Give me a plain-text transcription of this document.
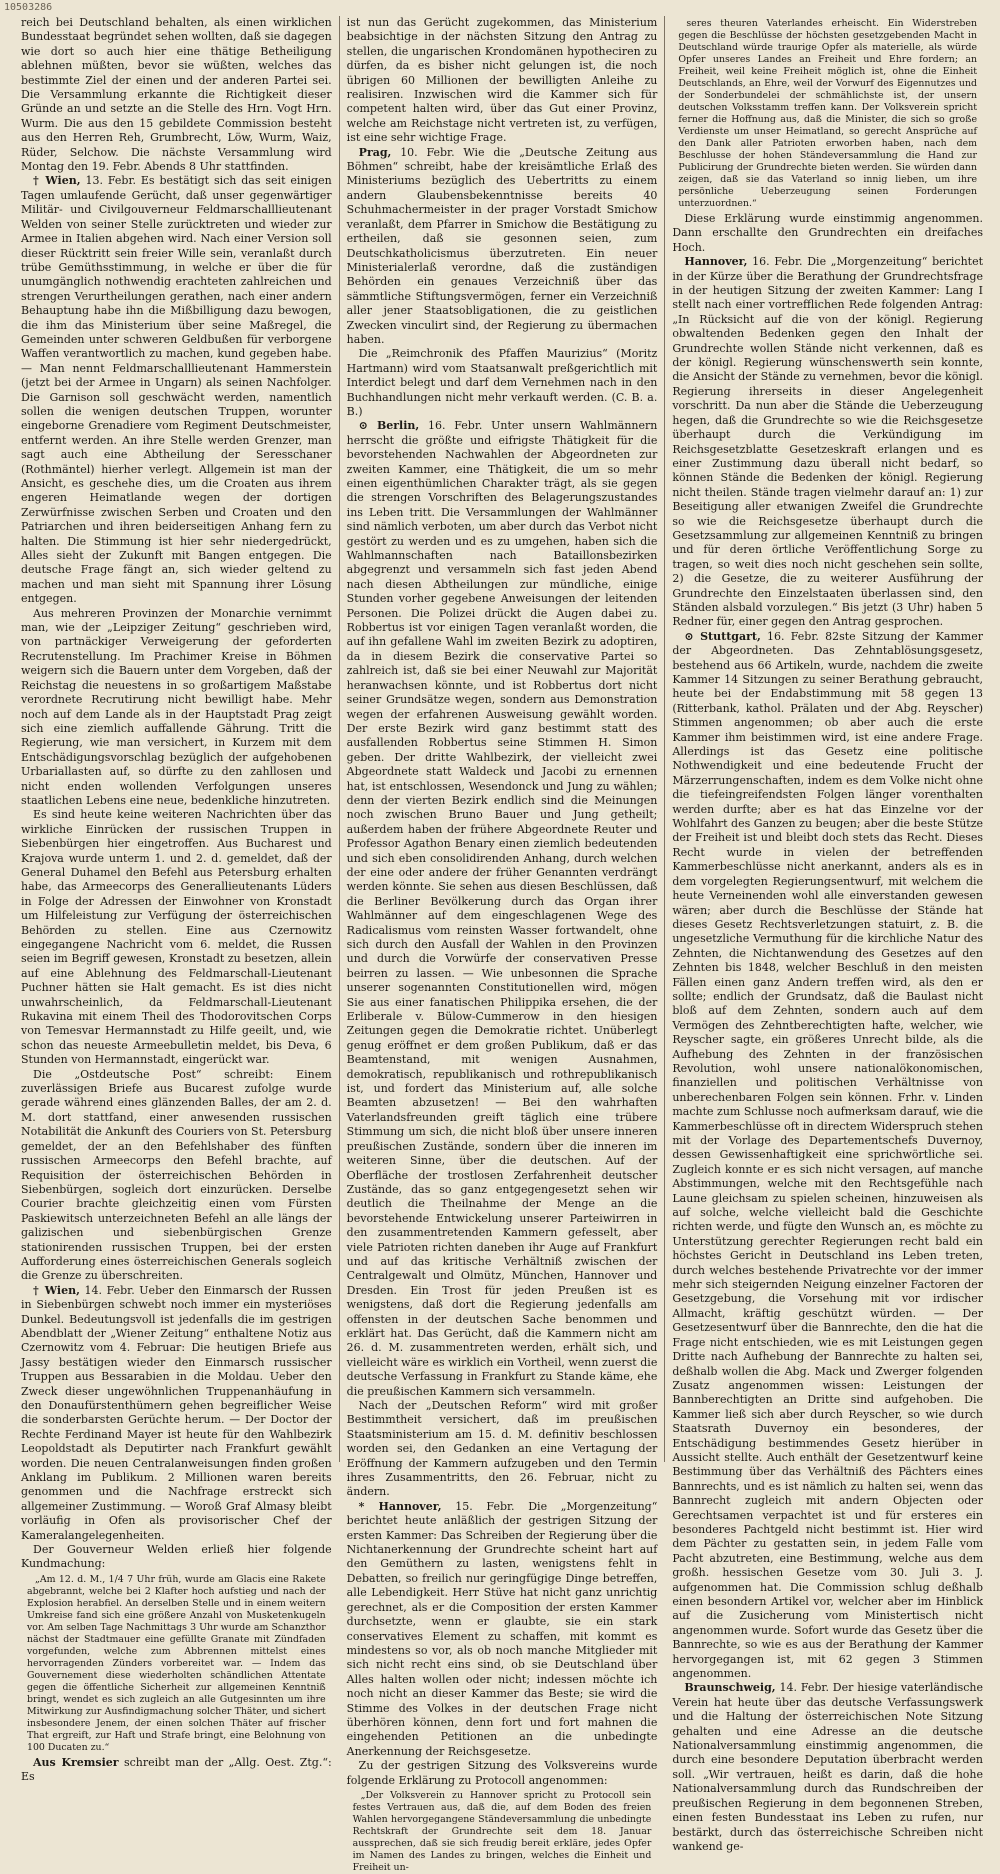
10503286

reich bei Deutschland behalten, als einen wirklichen Bundesstaat begründet sehen wollten, daß sie dagegen wie dort so auch hier eine thätige Betheiligung ablehnen müßten, bevor sie wüßten, welches das bestimmte Ziel der einen und der anderen Partei sei. Die Versammlung erkannte die Richtigkeit dieser Gründe an und setzte an die Stelle des Hrn. Vogt Hrn. Wurm. Die aus den 15 gebildete Commission besteht aus den Herren Reh, Grumbrecht, Löw, Wurm, Waiz, Rüder, Selchow. Die nächste Versammlung wird Montag den 19. Febr. Abends 8 Uhr stattfinden.

† Wien, 13. Febr. Es bestätigt sich das seit einigen Tagen umlaufende Gerücht, daß unser gegenwärtiger Militär- und Civilgouverneur Feldmarschalllieutenant Welden von seiner Stelle zurücktreten und wieder zur Armee in Italien abgehen wird. Nach einer Version soll dieser Rücktritt sein freier Wille sein, veranlaßt durch trübe Gemüthsstimmung, in welche er über die für unumgänglich nothwendig erachteten zahlreichen und strengen Verurtheilungen gerathen, nach einer andern Behauptung habe ihn die Mißbilligung dazu bewogen, die ihm das Ministerium über seine Maßregel, die Gemeinden unter schweren Geldbußen für verborgene Waffen verantwortlich zu machen, kund gegeben habe. — Man nennt Feldmarschalllieutenant Hammerstein (jetzt bei der Armee in Ungarn) als seinen Nachfolger. Die Garnison soll geschwächt werden, namentlich sollen die wenigen deutschen Truppen, worunter eingeborne Grenadiere vom Regiment Deutschmeister, entfernt werden. An ihre Stelle werden Grenzer, man sagt auch eine Abtheilung der Seresschaner (Rothmäntel) hierher verlegt. Allgemein ist man der Ansicht, es geschehe dies, um die Croaten aus ihrem engeren Heimatlande wegen der dortigen Zerwürfnisse zwischen Serben und Croaten und den Patriarchen und ihren beiderseitigen Anhang fern zu halten. Die Stimmung ist hier sehr niedergedrückt, Alles sieht der Zukunft mit Bangen entgegen. Die deutsche Frage fängt an, sich wieder geltend zu machen und man sieht mit Spannung ihrer Lösung entgegen.

Aus mehreren Provinzen der Monarchie vernimmt man, wie der „Leipziger Zeitung“ geschrieben wird, von partnäckiger Verweigerung der geforderten Recrutenstellung. Im Prachimer Kreise in Böhmen weigern sich die Bauern unter dem Vorgeben, daß der Reichstag die neuestens in so großartigem Maßstabe verordnete Recrutirung nicht bewilligt habe. Mehr noch auf dem Lande als in der Hauptstadt Prag zeigt sich eine ziemlich auffallende Gährung. Tritt die Regierung, wie man versichert, in Kurzem mit dem Entschädigungsvorschlag bezüglich der aufgehobenen Urbariallasten auf, so dürfte zu den zahllosen und nicht enden wollenden Verfolgungen unseres staatlichen Lebens eine neue, bedenkliche hinzutreten.

Es sind heute keine weiteren Nachrichten über das wirkliche Einrücken der russischen Truppen in Siebenbürgen hier eingetroffen. Aus Bucharest und Krajova wurde unterm 1. und 2. d. gemeldet, daß der General Duhamel den Befehl aus Petersburg erhalten habe, das Armeecorps des Generallieutenants Lüders in Folge der Adressen der Einwohner von Kronstadt um Hilfeleistung zur Verfügung der österreichischen Behörden zu stellen. Eine aus Czernowitz eingegangene Nachricht vom 6. meldet, die Russen seien im Begriff gewesen, Kronstadt zu besetzen, allein auf eine Ablehnung des Feldmarschall-Lieutenant Puchner hätten sie Halt gemacht. Es ist dies nicht unwahrscheinlich, da Feldmarschall-Lieutenant Rukavina mit einem Theil des Thodorovitschen Corps von Temesvar Hermannstadt zu Hilfe geeilt, und, wie schon das neueste Armeebulletin meldet, bis Deva, 6 Stunden von Hermannstadt, eingerückt war.

Die „Ostdeutsche Post“ schreibt: Einem zuverlässigen Briefe aus Bucarest zufolge wurde gerade während eines glänzenden Balles, der am 2. d. M. dort stattfand, einer anwesenden russischen Notabilität die Ankunft des Couriers von St. Petersburg gemeldet, der an den Befehlshaber des fünften russischen Armeecorps den Befehl brachte, auf Requisition der österreichischen Behörden in Siebenbürgen, sogleich dort einzurücken. Derselbe Courier brachte gleichzeitig einen vom Fürsten Paskiewitsch unterzeichneten Befehl an alle längs der galizischen und siebenbürgischen Grenze stationirenden russischen Truppen, bei der ersten Aufforderung eines österreichischen Generals sogleich die Grenze zu überschreiten.

† Wien, 14. Febr. Ueber den Einmarsch der Russen in Siebenbürgen schwebt noch immer ein mysteriöses Dunkel. Bedeutungsvoll ist jedenfalls die im gestrigen Abendblatt der „Wiener Zeitung“ enthaltene Notiz aus Czernowitz vom 4. Februar: Die heutigen Briefe aus Jassy bestätigen wieder den Einmarsch russischer Truppen aus Bessarabien in die Moldau. Ueber den Zweck dieser ungewöhnlichen Truppenanhäufung in den Donaufürstenthümern gehen begreiflicher Weise die sonderbarsten Gerüchte herum. — Der Doctor der Rechte Ferdinand Mayer ist heute für den Wahlbezirk Leopoldstadt als Deputirter nach Frankfurt gewählt worden. Die neuen Centralanweisungen finden großen Anklang im Publikum. 2 Millionen waren bereits genommen und die Nachfrage erstreckt sich allgemeiner Zustimmung. — Woroß Graf Almasy bleibt vorläufig in Ofen als provisorischer Chef der Kameralangelegenheiten.

Der Gouverneur Welden erließ hier folgende Kundmachung:

„Am 12. d. M., 1/4 7 Uhr früh, wurde am Glacis eine Rakete abgebrannt, welche bei 2 Klafter hoch aufstieg und nach der Explosion herabfiel. An derselben Stelle und in einem weitern Umkreise fand sich eine größere Anzahl von Musketenkugeln vor. Am selben Tage Nachmittags 3 Uhr wurde am Schanzthor nächst der Stadtmauer eine gefüllte Granate mit Zündfaden vorgefunden, welche zum Abbrennen mittelst eines hervorragenden Zünders vorbereitet war. — Indem das Gouvernement diese wiederholten schändlichen Attentate gegen die öffentliche Sicherheit zur allgemeinen Kenntniß bringt, wendet es sich zugleich an alle Gutgesinnten um ihre Mitwirkung zur Ausfindigmachung solcher Thäter, und sichert insbesondere Jenem, der einen solchen Thäter auf frischer That ergreift, zur Haft und Strafe bringt, eine Belohnung von 100 Ducaten zu.“

Aus Kremsier schreibt man der „Allg. Oest. Ztg.“: Es

ist nun das Gerücht zugekommen, das Ministerium beabsichtige in der nächsten Sitzung den Antrag zu stellen, die ungarischen Krondomänen hypotheciren zu dürfen, da es bisher nicht gelungen ist, die noch übrigen 60 Millionen der bewilligten Anleihe zu realisiren. Inzwischen wird die Kammer sich für competent halten wird, über das Gut einer Provinz, welche am Reichstage nicht vertreten ist, zu verfügen, ist eine sehr wichtige Frage.

Prag, 10. Febr. Wie die „Deutsche Zeitung aus Böhmen“ schreibt, habe der kreisämtliche Erlaß des Ministeriums bezüglich des Uebertritts zu einem andern Glaubensbekenntnisse bereits 40 Schuhmachermeister in der prager Vorstadt Smichow veranlaßt, dem Pfarrer in Smichow die Bestätigung zu ertheilen, daß sie gesonnen seien, zum Deutschkatholicismus überzutreten. Ein neuer Ministerialerlaß verordne, daß die zuständigen Behörden ein genaues Verzeichniß über das sämmtliche Stiftungsvermögen, ferner ein Verzeichniß aller jener Staatsobligationen, die zu geistlichen Zwecken vinculirt sind, der Regierung zu übermachen haben.

Die „Reimchronik des Pfaffen Maurizius“ (Moritz Hartmann) wird vom Staatsanwalt preßgerichtlich mit Interdict belegt und darf dem Vernehmen nach in den Buchhandlungen nicht mehr verkauft werden. (C. B. a. B.)

⊙ Berlin, 16. Febr. Unter unsern Wahlmännern herrscht die größte und eifrigste Thätigkeit für die bevorstehenden Nachwahlen der Abgeordneten zur zweiten Kammer, eine Thätigkeit, die um so mehr einen eigenthümlichen Charakter trägt, als sie gegen die strengen Vorschriften des Belagerungszustandes ins Leben tritt. Die Versammlungen der Wahlmänner sind nämlich verboten, um aber durch das Verbot nicht gestört zu werden und es zu umgehen, haben sich die Wahlmannschaften nach Bataillonsbezirken abgegrenzt und versammeln sich fast jeden Abend nach diesen Abtheilungen zur mündliche, einige Stunden vorher gegebene Anweisungen der leitenden Personen. Die Polizei drückt die Augen dabei zu. Robbertus ist vor einigen Tagen veranlaßt worden, die auf ihn gefallene Wahl im zweiten Bezirk zu adoptiren, da in diesem Bezirk die conservative Partei so zahlreich ist, daß sie bei einer Neuwahl zur Majorität heranwachsen könnte, und ist Robbertus dort nicht seiner Grundsätze wegen, sondern aus Demonstration wegen der erfahrenen Ausweisung gewählt worden. Der erste Bezirk wird ganz bestimmt statt des ausfallenden Robbertus seine Stimmen H. Simon geben. Der dritte Wahlbezirk, der vielleicht zwei Abgeordnete statt Waldeck und Jacobi zu ernennen hat, ist entschlossen, Wesendonck und Jung zu wählen; denn der vierten Bezirk endlich sind die Meinungen noch zwischen Bruno Bauer und Jung getheilt; außerdem haben der frühere Abgeordnete Reuter und Professor Agathon Benary einen ziemlich bedeutenden und sich eben consolidirenden Anhang, durch welchen der eine oder andere der früher Genannten verdrängt werden könnte. Sie sehen aus diesen Beschlüssen, daß die Berliner Bevölkerung durch das Organ ihrer Wahlmänner auf dem eingeschlagenen Wege des Radicalismus vom reinsten Wasser fortwandelt, ohne sich durch den Ausfall der Wahlen in den Provinzen und durch die Vorwürfe der conservativen Presse beirren zu lassen. — Wie unbesonnen die Sprache unserer sogenannten Constitutionellen wird, mögen Sie aus einer fanatischen Philippika ersehen, die der Erliberale v. Bülow-Cummerow in den hiesigen Zeitungen gegen die Demokratie richtet. Unüberlegt genug eröffnet er dem großen Publikum, daß er das Beamtenstand, mit wenigen Ausnahmen, demokratisch, republikanisch und rothrepublikanisch ist, und fordert das Ministerium auf, alle solche Beamten abzusetzen! — Bei den wahrhaften Vaterlandsfreunden greift täglich eine trübere Stimmung um sich, die nicht bloß über unsere inneren preußischen Zustände, sondern über die inneren im weiteren Sinne, über die deutschen. Auf der Oberfläche der trostlosen Zerfahrenheit deutscher Zustände, das so ganz entgegengesetzt sehen wir deutlich die Theilnahme der Menge an die bevorstehende Entwickelung unserer Parteiwirren in den zusammentretenden Kammern gefesselt, aber viele Patrioten richten daneben ihr Auge auf Frankfurt und auf das kritische Verhältniß zwischen der Centralgewalt und Olmütz, München, Hannover und Dresden. Ein Trost für jeden Preußen ist es wenigstens, daß dort die Regierung jedenfalls am offensten in der deutschen Sache benommen und erklärt hat. Das Gerücht, daß die Kammern nicht am 26. d. M. zusammentreten werden, erhält sich, und vielleicht wäre es wirklich ein Vortheil, wenn zuerst die deutsche Verfassung in Frankfurt zu Stande käme, ehe die preußischen Kammern sich versammeln.

Nach der „Deutschen Reform“ wird mit großer Bestimmtheit versichert, daß im preußischen Staatsministerium am 15. d. M. definitiv beschlossen worden sei, den Gedanken an eine Vertagung der Eröffnung der Kammern aufzugeben und den Termin ihres Zusammentritts, den 26. Februar, nicht zu ändern.

* Hannover, 15. Febr. Die „Morgenzeitung“ berichtet heute anläßlich der gestrigen Sitzung der ersten Kammer: Das Schreiben der Regierung über die Nichtanerkennung der Grundrechte scheint hart auf den Gemüthern zu lasten, wenigstens fehlt in Debatten, so freilich nur geringfügige Dinge betreffen, alle Lebendigkeit. Herr Stüve hat nicht ganz unrichtig gerechnet, als er die Composition der ersten Kammer durchsetzte, wenn er glaubte, sie ein stark conservatives Element zu schaffen, mit kommt es mindestens so vor, als ob noch manche Mitglieder mit sich nicht recht eins sind, ob sie Deutschland über Alles halten wollen oder nicht; indessen möchte ich noch nicht an dieser Kammer das Beste; sie wird die Stimme des Volkes in der deutschen Frage nicht überhören können, denn fort und fort mahnen die eingehenden Petitionen an die unbedingte Anerkennung der Reichsgesetze.

Zu der gestrigen Sitzung des Volksvereins wurde folgende Erklärung zu Protocoll angenommen:

„Der Volksverein zu Hannover spricht zu Protocoll sein festes Vertrauen aus, daß die, auf dem Boden des freien Wahlen hervorgegangene Ständeversammlung die unbedingte Rechtskraft der Grundrechte seit dem 18. Januar aussprechen, daß sie sich freudig bereit erkläre, jedes Opfer im Namen des Landes zu bringen, welches die Einheit und Freiheit un-

seres theuren Vaterlandes erheischt. Ein Widerstreben gegen die Beschlüsse der höchsten gesetzgebenden Macht in Deutschland würde traurige Opfer als materielle, als würde Opfer unseres Landes an Freiheit und Ehre fordern; an Freiheit, weil keine Freiheit möglich ist, ohne die Einheit Deutschlands, an Ehre, weil der Vorwurf des Eigennutzes und der Sonderbundelei der schmählichste ist, der unsern deutschen Volksstamm treffen kann. Der Volksverein spricht ferner die Hoffnung aus, daß die Minister, die sich so große Verdienste um unser Heimatland, so gerecht Ansprüche auf den Dank aller Patrioten erworben haben, nach dem Beschlusse der hohen Ständeversammlung die Hand zur Publicirung der Grundrechte bieten werden. Sie würden dann zeigen, daß sie das Vaterland so innig lieben, um ihre persönliche Ueberzeugung seinen Forderungen unterzuordnen.“

Diese Erklärung wurde einstimmig angenommen. Dann erschallte den Grundrechten ein dreifaches Hoch.

Hannover, 16. Febr. Die „Morgenzeitung“ berichtet in der Kürze über die Berathung der Grundrechtsfrage in der heutigen Sitzung der zweiten Kammer: Lang I stellt nach einer vortrefflichen Rede folgenden Antrag: „In Rücksicht auf die von der königl. Regierung obwaltenden Bedenken gegen den Inhalt der Grundrechte wollen Stände nicht verkennen, daß es der königl. Regierung wünschenswerth sein konnte, die Ansicht der Stände zu vernehmen, bevor die königl. Regierung ihrerseits in dieser Angelegenheit vorschritt. Da nun aber die Stände die Ueberzeugung hegen, daß die Grundrechte so wie die Reichsgesetze überhaupt durch die Verkündigung im Reichsgesetzblatte Gesetzeskraft erlangen und es einer Zustimmung dazu überall nicht bedarf, so können Stände die Bedenken der königl. Regierung nicht theilen. Stände tragen vielmehr darauf an: 1) zur Beseitigung aller etwanigen Zweifel die Grundrechte so wie die Reichsgesetze überhaupt durch die Gesetzsammlung zur allgemeinen Kenntniß zu bringen und für deren örtliche Veröffentlichung Sorge zu tragen, so weit dies noch nicht geschehen sein sollte, 2) die Gesetze, die zu weiterer Ausführung der Grundrechte den Einzelstaaten überlassen sind, den Ständen alsbald vorzulegen.“ Bis jetzt (3 Uhr) haben 5 Redner für, einer gegen den Antrag gesprochen.

⊙ Stuttgart, 16. Febr. 82ste Sitzung der Kammer der Abgeordneten. Das Zehntablösungsgesetz, bestehend aus 66 Artikeln, wurde, nachdem die zweite Kammer 14 Sitzungen zu seiner Berathung gebraucht, heute bei der Endabstimmung mit 58 gegen 13 (Ritterbank, kathol. Prälaten und der Abg. Reyscher) Stimmen angenommen; ob aber auch die erste Kammer ihm beistimmen wird, ist eine andere Frage. Allerdings ist das Gesetz eine politische Nothwendigkeit und eine bedeutende Frucht der Märzerrungenschaften, indem es dem Volke nicht ohne die tiefeingreifendsten Folgen länger vorenthalten werden durfte; aber es hat das Einzelne vor der Wohlfahrt des Ganzen zu beugen; aber die beste Stütze der Freiheit ist und bleibt doch stets das Recht. Dieses Recht wurde in vielen der betreffenden Kammerbeschlüsse nicht anerkannt, anders als es in dem vorgelegten Regierungsentwurf, mit welchem die heute Verneinenden wohl alle einverstanden gewesen wären; aber durch die Beschlüsse der Stände hat dieses Gesetz Rechtsverletzungen statuirt, z. B. die ungesetzliche Vermuthung für die kirchliche Natur des Zehnten, die Nichtanwendung des Gesetzes auf den Zehnten bis 1848, welcher Beschluß in den meisten Fällen einen ganz Andern treffen wird, als den er sollte; endlich der Grundsatz, daß die Baulast nicht bloß auf dem Zehnten, sondern auch auf dem Vermögen des Zehntberechtigten hafte, welcher, wie Reyscher sagte, ein größeres Unrecht bilde, als die Aufhebung des Zehnten in der französischen Revolution, wohl unsere nationalökonomischen, finanziellen und politischen Verhältnisse von unberechenbaren Folgen sein können. Frhr. v. Linden machte zum Schlusse noch aufmerksam darauf, wie die Kammerbeschlüsse oft in directem Widerspruch stehen mit der Vorlage des Departementschefs Duvernoy, dessen Gewissenhaftigkeit eine sprichwörtliche sei. Zugleich konnte er es sich nicht versagen, auf manche Abstimmungen, welche mit den Rechtsgefühle nach Laune gleichsam zu spielen scheinen, hinzuweisen als auf solche, welche vielleicht bald die Geschichte richten werde, und fügte den Wunsch an, es möchte zu Unterstützung gerechter Regierungen recht bald ein höchstes Gericht in Deutschland ins Leben treten, durch welches bestehende Privatrechte vor der immer mehr sich steigernden Neigung einzelner Factoren der Gesetzgebung, die Vorsehung mit vor irdischer Allmacht, kräftig geschützt würden. — Der Gesetzesentwurf über die Bannrechte, den die hat die Frage nicht entschieden, wie es mit Leistungen gegen Dritte nach Aufhebung der Bannrechte zu halten sei, deßhalb wollen die Abg. Mack und Zwerger folgenden Zusatz angenommen wissen: Leistungen der Bannberechtigten an Dritte sind aufgehoben. Die Kammer ließ sich aber durch Reyscher, so wie durch Staatsrath Duvernoy ein besonderes, der Entschädigung bestimmendes Gesetz hierüber in Aussicht stellte. Auch enthält der Gesetzentwurf keine Bestimmung über das Verhältniß des Pächters eines Bannrechts, und es ist nämlich zu halten sei, wenn das Bannrecht zugleich mit andern Objecten oder Gerechtsamen verpachtet ist und für ersteres ein besonderes Pachtgeld nicht bestimmt ist. Hier wird dem Pächter zu gestatten sein, in jedem Falle vom Pacht abzutreten, eine Bestimmung, welche aus dem großh. hessischen Gesetze vom 30. Juli 3. J. aufgenommen hat. Die Commission schlug deßhalb einen besondern Artikel vor, welcher aber im Hinblick auf die Zusicherung vom Ministertisch nicht angenommen wurde. Sofort wurde das Gesetz über die Bannrechte, so wie es aus der Berathung der Kammer hervorgegangen ist, mit 62 gegen 3 Stimmen angenommen.

Braunschweig, 14. Febr. Der hiesige vaterländische Verein hat heute über das deutsche Verfassungswerk und die Haltung der österreichischen Note Sitzung gehalten und eine Adresse an die deutsche Nationalversammlung einstimmig angenommen, die durch eine besondere Deputation überbracht werden soll. „Wir vertrauen, heißt es darin, daß die hohe Nationalversammlung durch das Rundschreiben der preußischen Regierung in dem begonnenen Streben, einen festen Bundesstaat ins Leben zu rufen, nur bestärkt, durch das österreichische Schreiben nicht wankend ge-
